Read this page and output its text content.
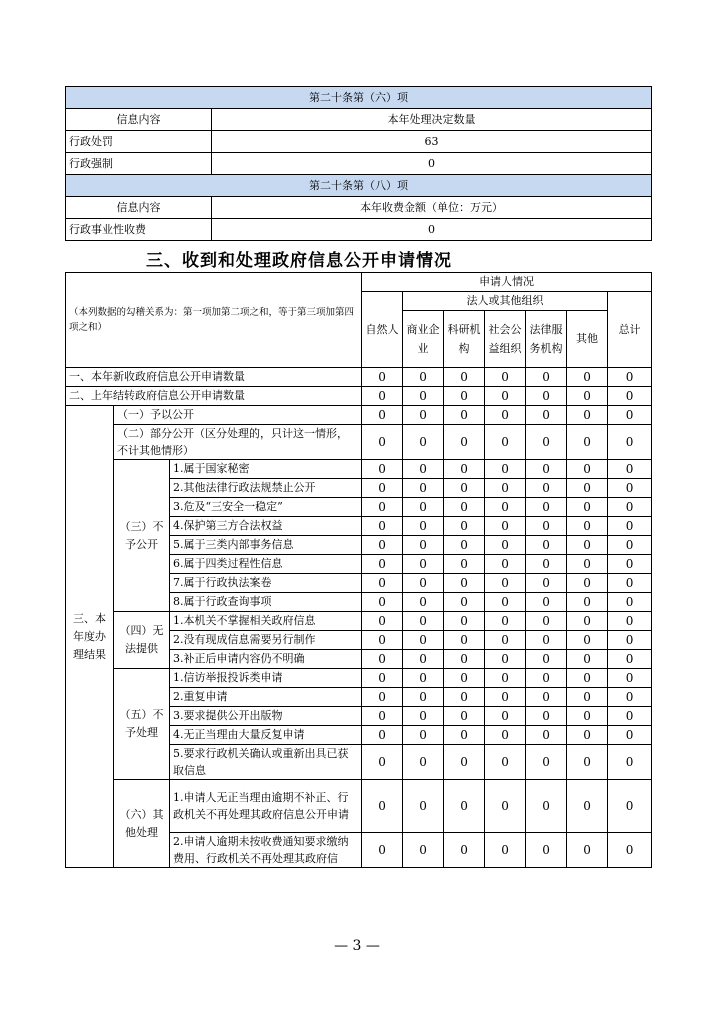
第二十条第（六）项	
信息内容	本年处理决定数量
行政处罚	63
行政强制	0
第二十条第（八）项	
信息内容	本年收费金额（单位：万元）
行政事业性收费	0
三、收到和处理政府信息公开申请情况
（本列数据的勾稽关系为：第一项加第二项之和，等于第三项加第四项之和）			申请人情况						
			自然人	法人或其他组织					总计
				商业企业	科研机构	社会公益组织	法律服务机构	其他	
一、本年新收政府信息公开申请数量			0	0	0	0	0	0	0
二、上年结转政府信息公开申请数量			0	0	0	0	0	0	0
三、本年度办理结果	（一）予以公开		0	0	0	0	0	0	0
	（二）部分公开（区分处理的，只计这一情形，不计其他情形）		0	0	0	0	0	0	0
	（三）不予公开	1.属于国家秘密	0	0	0	0	0	0	0
		2.其他法律行政法规禁止公开	0	0	0	0	0	0	0
		3.危及“三安全一稳定”	0	0	0	0	0	0	0
		4.保护第三方合法权益	0	0	0	0	0	0	0
		5.属于三类内部事务信息	0	0	0	0	0	0	0
		6.属于四类过程性信息	0	0	0	0	0	0	0
		7.属于行政执法案卷	0	0	0	0	0	0	0
		8.属于行政查询事项	0	0	0	0	0	0	0
	（四）无法提供	1.本机关不掌握相关政府信息	0	0	0	0	0	0	0
		2.没有现成信息需要另行制作	0	0	0	0	0	0	0
		3.补正后申请内容仍不明确	0	0	0	0	0	0	0
	（五）不予处理	1.信访举报投诉类申请	0	0	0	0	0	0	0
		2.重复申请	0	0	0	0	0	0	0
		3.要求提供公开出版物	0	0	0	0	0	0	0
		4.无正当理由大量反复申请	0	0	0	0	0	0	0
		5.要求行政机关确认或重新出具已获取信息	0	0	0	0	0	0	0
	（六）其他处理	1.申请人无正当理由逾期不补正、行政机关不再处理其政府信息公开申请	0	0	0	0	0	0	0
		2.申请人逾期未按收费通知要求缴纳费用、行政机关不再处理其政府信	0	0	0	0	0	0	0
— 3 —
